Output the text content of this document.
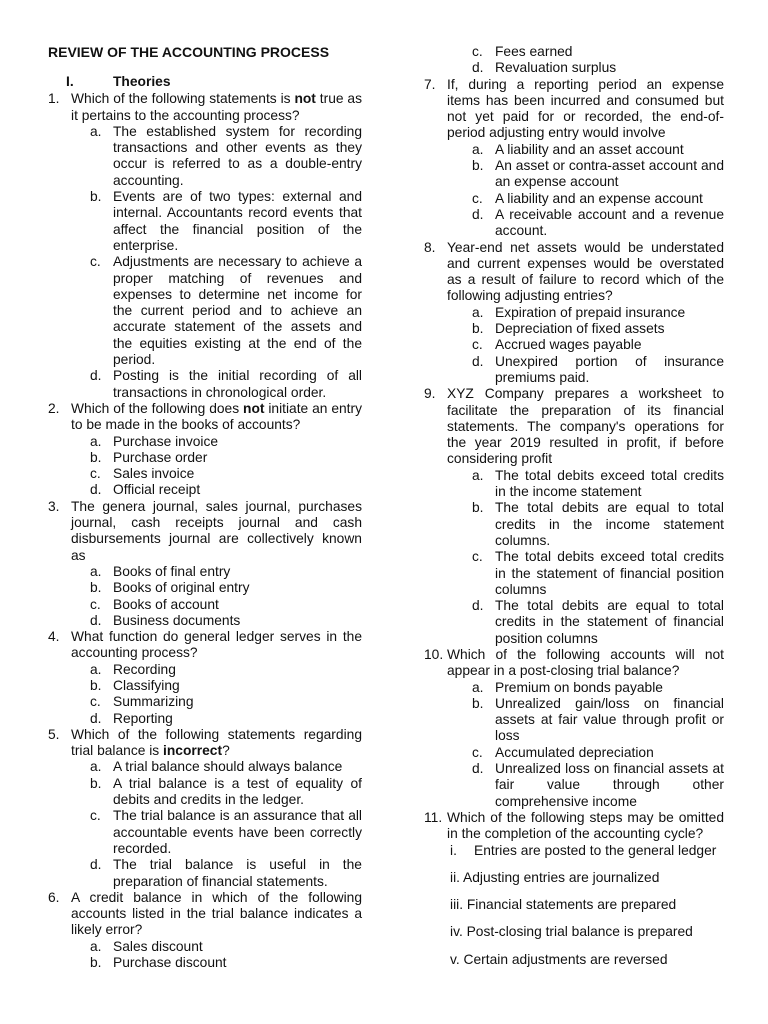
REVIEW OF THE ACCOUNTING PROCESS
I.	Theories
1. Which of the following statements is not true as it pertains to the accounting process?
a. The established system for recording transactions and other events as they occur is referred to as a double-entry accounting.
b. Events are of two types: external and internal. Accountants record events that affect the financial position of the enterprise.
c. Adjustments are necessary to achieve a proper matching of revenues and expenses to determine net income for the current period and to achieve an accurate statement of the assets and the equities existing at the end of the period.
d. Posting is the initial recording of all transactions in chronological order.
2. Which of the following does not initiate an entry to be made in the books of accounts?
a. Purchase invoice
b. Purchase order
c. Sales invoice
d. Official receipt
3. The genera journal, sales journal, purchases journal, cash receipts journal and cash disbursements journal are collectively known as
a. Books of final entry
b. Books of original entry
c. Books of account
d. Business documents
4. What function do general ledger serves in the accounting process?
a. Recording
b. Classifying
c. Summarizing
d. Reporting
5. Which of the following statements regarding trial balance is incorrect?
a. A trial balance should always balance
b. A trial balance is a test of equality of debits and credits in the ledger.
c. The trial balance is an assurance that all accountable events have been correctly recorded.
d. The trial balance is useful in the preparation of financial statements.
6. A credit balance in which of the following accounts listed in the trial balance indicates a likely error?
a. Sales discount
b. Purchase discount
c. Fees earned
d. Revaluation surplus
7. If, during a reporting period an expense items has been incurred and consumed but not yet paid for or recorded, the end-of-period adjusting entry would involve
a. A liability and an asset account
b. An asset or contra-asset account and an expense account
c. A liability and an expense account
d. A receivable account and a revenue account.
8. Year-end net assets would be understated and current expenses would be overstated as a result of failure to record which of the following adjusting entries?
a. Expiration of prepaid insurance
b. Depreciation of fixed assets
c. Accrued wages payable
d. Unexpired portion of insurance premiums paid.
9. XYZ Company prepares a worksheet to facilitate the preparation of its financial statements. The company's operations for the year 2019 resulted in profit, if before considering profit
a. The total debits exceed total credits in the income statement
b. The total debits are equal to total credits in the income statement columns.
c. The total debits exceed total credits in the statement of financial position columns
d. The total debits are equal to total credits in the statement of financial position columns
10. Which of the following accounts will not appear in a post-closing trial balance?
a. Premium on bonds payable
b. Unrealized gain/loss on financial assets at fair value through profit or loss
c. Accumulated depreciation
d. Unrealized loss on financial assets at fair value through other comprehensive income
11. Which of the following steps may be omitted in the completion of the accounting cycle?
i.	Entries are posted to the general ledger
ii. Adjusting entries are journalized
iii. Financial statements are prepared
iv. Post-closing trial balance is prepared
v. Certain adjustments are reversed
